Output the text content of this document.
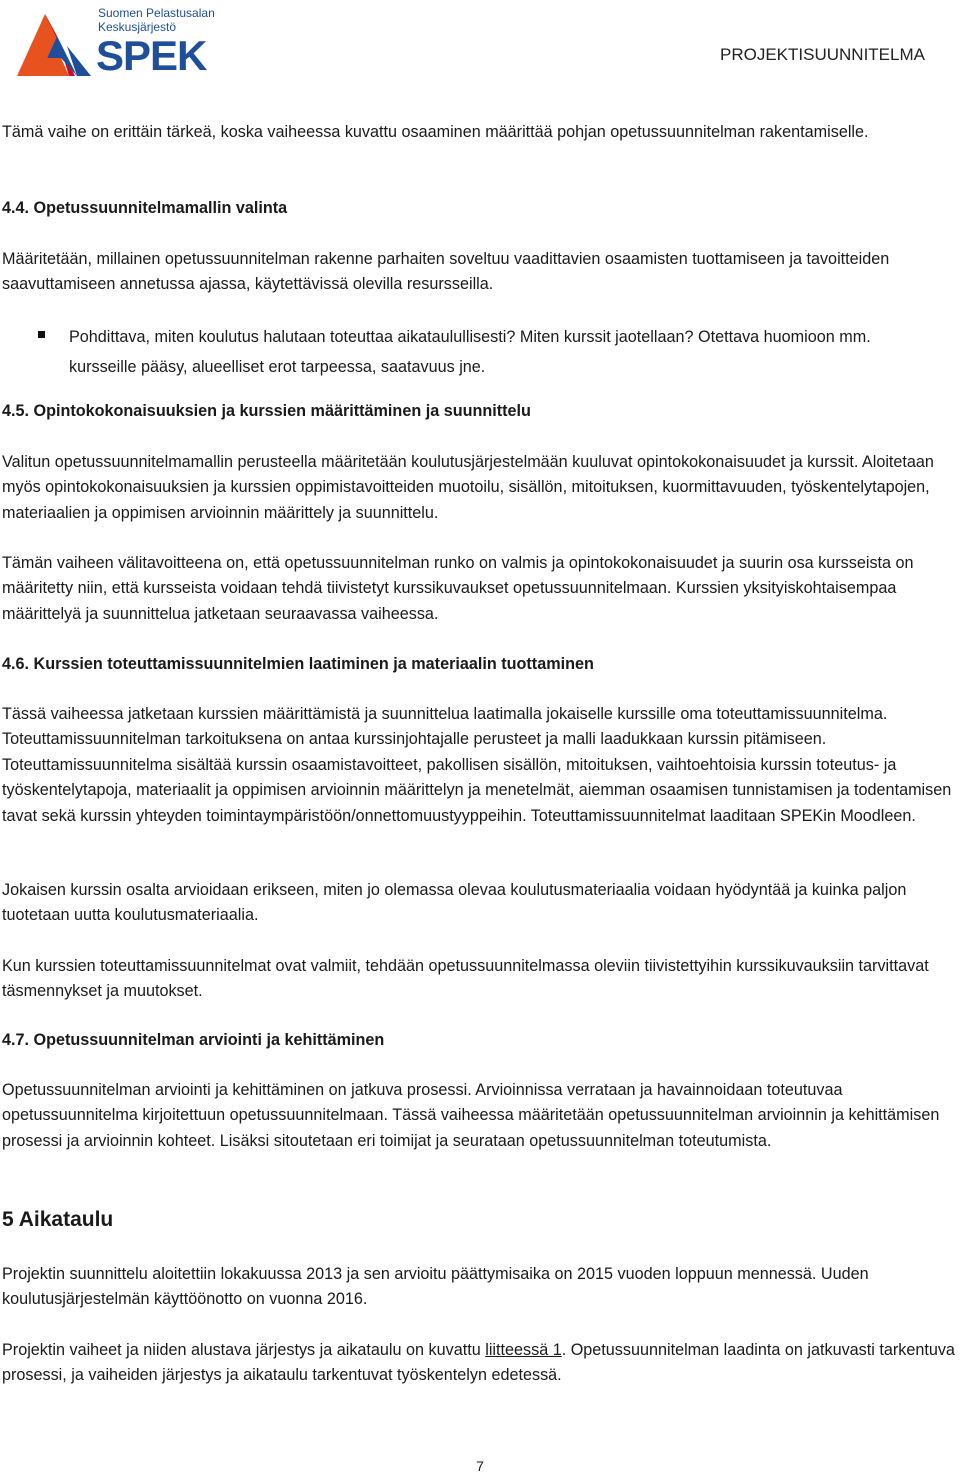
Suomen Pelastusalan
Keskusjärjestö
SPEK	PROJEKTISUUNNITELMA

Tämä vaihe on erittäin tärkeä, koska vaiheessa kuvattu osaaminen määrittää pohjan opetussuunnitelman rakentamiselle.

4.4. Opetussuunnitelmamallin valinta

Määritetään, millainen opetussuunnitelman rakenne parhaiten soveltuu vaadittavien osaamisten tuottamiseen ja tavoitteiden saavuttamiseen annetussa ajassa, käytettävissä olevilla resursseilla.

Pohdittava, miten koulutus halutaan toteuttaa aikataulullisesti? Miten kurssit jaotellaan? Otettava huomioon mm. kursseille pääsy, alueelliset erot tarpeessa, saatavuus jne.
4.5. Opintokokonaisuuksien ja kurssien määrittäminen ja suunnittelu

Valitun opetussuunnitelmamallin perusteella määritetään koulutusjärjestelmään kuuluvat opintokokonaisuudet ja kurssit. Aloitetaan myös opintokokonaisuuksien ja kurssien oppimistavoitteiden muotoilu, sisällön, mitoituksen, kuormittavuuden, työskentelytapojen, materiaalien ja oppimisen arvioinnin määrittely ja suunnittelu.

Tämän vaiheen välitavoitteena on, että opetussuunnitelman runko on valmis ja opintokokonaisuudet ja suurin osa kursseista on määritetty niin, että kursseista voidaan tehdä tiivistetyt kurssikuvaukset opetussuunnitelmaan. Kurssien yksityiskohtaisempaa määrittelyä ja suunnittelua jatketaan seuraavassa vaiheessa.

4.6. Kurssien toteuttamissuunnitelmien laatiminen ja materiaalin tuottaminen

Tässä vaiheessa jatketaan kurssien määrittämistä ja suunnittelua laatimalla jokaiselle kurssille oma toteuttamissuunnitelma. Toteuttamissuunnitelman tarkoituksena on antaa kurssinjohtajalle perusteet ja malli laadukkaan kurssin pitämiseen. Toteuttamissuunnitelma sisältää kurssin osaamistavoitteet, pakollisen sisällön, mitoituksen, vaihtoehtoisia kurssin toteutus- ja työskentelytapoja, materiaalit ja oppimisen arvioinnin määrittelyn ja menetelmät, aiemman osaamisen tunnistamisen ja todentamisen tavat sekä kurssin yhteyden toimintaympäristöön/onnettomuustyyppeihin. Toteuttamissuunnitelmat laaditaan SPEKin Moodleen.

Jokaisen kurssin osalta arvioidaan erikseen, miten jo olemassa olevaa koulutusmateriaalia voidaan hyödyntää ja kuinka paljon tuotetaan uutta koulutusmateriaalia.

Kun kurssien toteuttamissuunnitelmat ovat valmiit, tehdään opetussuunnitelmassa oleviin tiivistettyihin kurssikuvauksiin tarvittavat täsmennykset ja muutokset.

4.7. Opetussuunnitelman arviointi ja kehittäminen

Opetussuunnitelman arviointi ja kehittäminen on jatkuva prosessi. Arvioinnissa verrataan ja havainnoidaan toteutuvaa opetussuunnitelma kirjoitettuun opetussuunnitelmaan. Tässä vaiheessa määritetään opetussuunnitelman arvioinnin ja kehittämisen prosessi ja arvioinnin kohteet. Lisäksi sitoutetaan eri toimijat ja seurataan opetussuunnitelman toteutumista.

5 Aikataulu

Projektin suunnittelu aloitettiin lokakuussa 2013 ja sen arvioitu päättymisaika on 2015 vuoden loppuun mennessä. Uuden koulutusjärjestelmän käyttöönotto on vuonna 2016.

Projektin vaiheet ja niiden alustava järjestys ja aikataulu on kuvattu liitteessä 1. Opetussuunnitelman laadinta on jatkuvasti tarkentuva prosessi, ja vaiheiden järjestys ja aikataulu tarkentuvat työskentelyn edetessä.

7
